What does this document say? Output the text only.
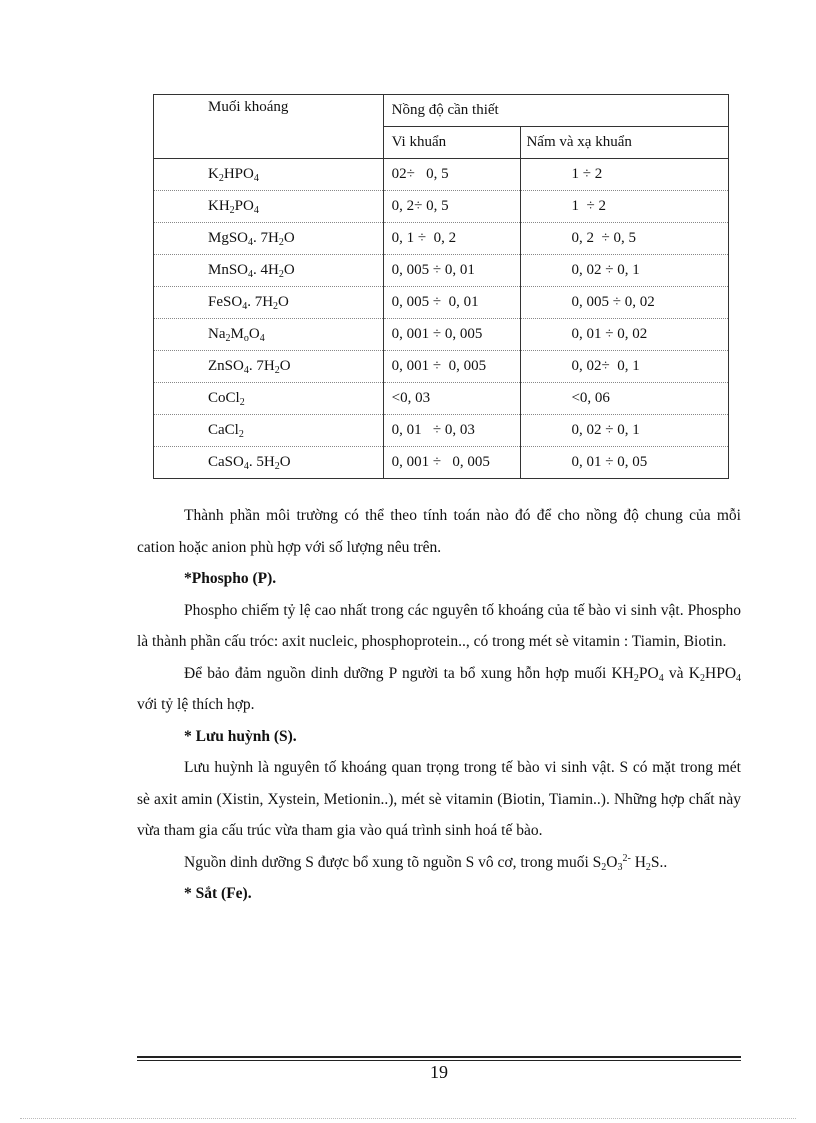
Muối khoáng	Nồng độ cần thiết	
	Vi khuẩn	Nấm và xạ khuẩn
$K_2HPO_4$	02÷   0, 5	1 ÷ 2
$KH_2PO_4$	0, 2÷ 0, 5	1  ÷ 2
MgSO$_4$. $7H_2O$	0, 1 ÷  0, 2	0, 2  ÷ 0, 5
MnSO$_4$. $4H_2O$	0, 005 ÷ 0, 01	0, 02 ÷ 0, 1
FeSO$_4$. $7H_2O$	0, 005 ÷  0, 01	0, 005 ÷ 0, 02
$Na_2M_oO_4$	0, 001 ÷ 0, 005	0, 01 ÷ 0, 02
ZnSO$_4$. $7H_2O$	0, 001 ÷  0, 005	0, 02÷  0, 1
CoCl$_2$	<0, 03	<0, 06
CaCl$_2$	0, 01   ÷ 0, 03	0, 02 ÷ 0, 1
CaSO$_4$. $5H_2O$	0, 001 ÷   0, 005	0, 01 ÷ 0, 05

Thành phần môi trường có thể theo tính toán nào đó để cho nồng độ chung của mỗi cation hoặc anion phù hợp với số lượng nêu trên.

*Phospho (P).

Phospho chiếm tỷ lệ cao nhất trong các nguyên tố khoáng của tế bào vi sinh vật. Phospho là thành phần cấu tróc: axit nucleic, phosphoprotein.., có trong mét sè vitamin : Tiamin, Biotin.

Để bảo đảm nguồn dinh dưỡng P người ta bổ xung hỗn hợp muối $KH_2PO_4$ và $K_2HPO_4$ với tỷ lệ thích hợp.

* Lưu huỳnh (S).

Lưu huỳnh là nguyên tố khoáng quan trọng trong tế bào vi sinh vật. S có mặt trong mét sè axit amin (Xistin, Xystein, Metionin..), mét sè vitamin (Biotin, Tiamin..). Những hợp chất này vừa tham gia cấu trúc vừa tham gia vào quá trình sinh hoá tế bào.

Nguồn dinh dưỡng S được bổ xung tõ nguồn S vô cơ, trong muối $S_2O_3^{2-}$ $H_2S$..

* Sắt (Fe).

19
